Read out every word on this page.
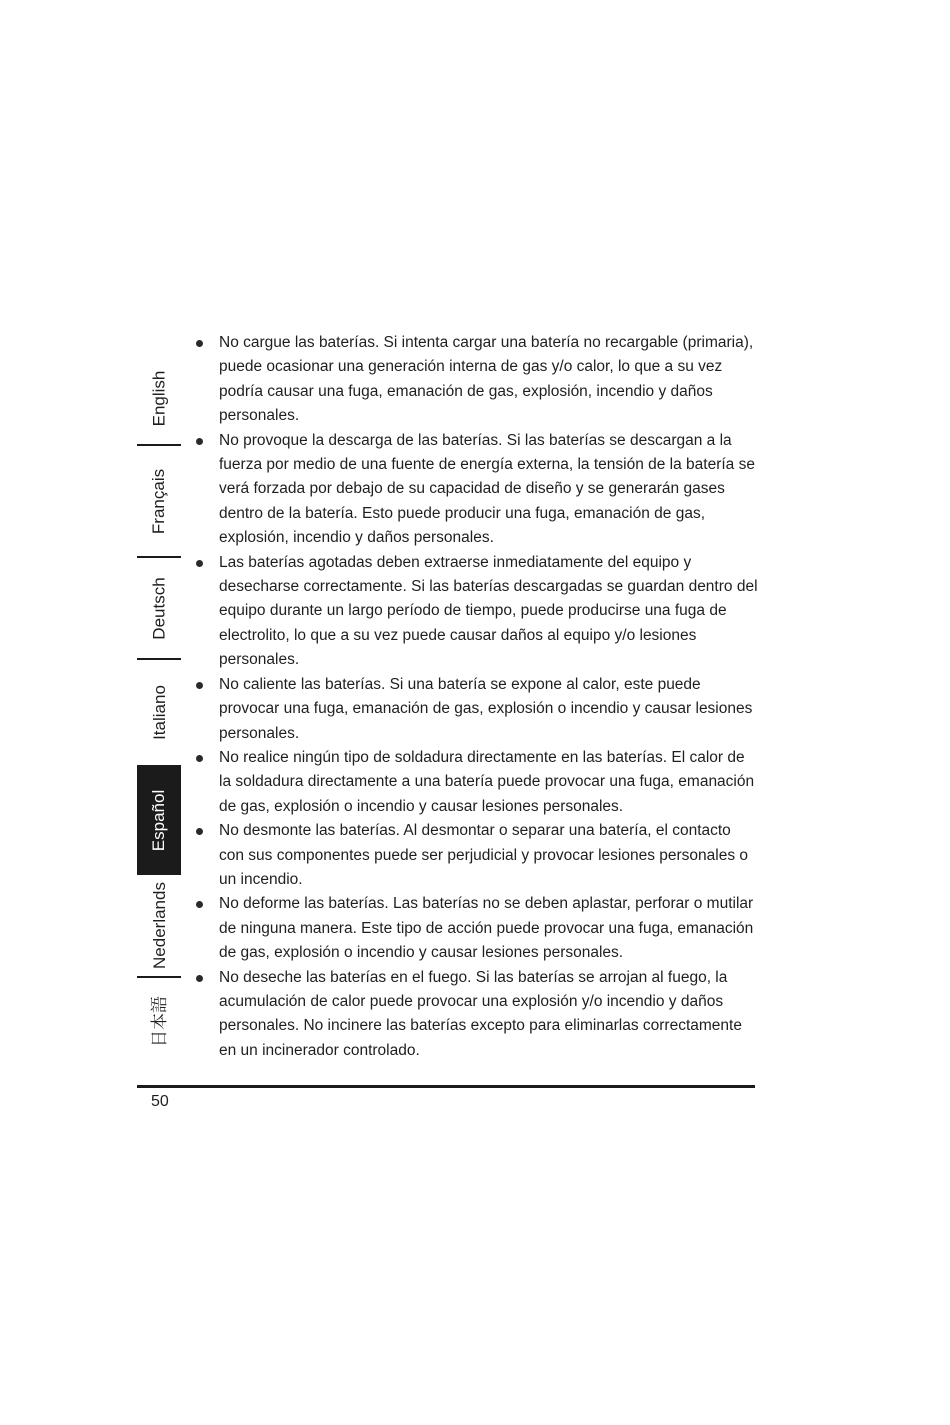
English
Français
Deutsch
Italiano
Español
Nederlands
日本語
No cargue las baterías. Si intenta cargar una batería no recargable (primaria), puede ocasionar una generación interna de gas y/o calor, lo que a su vez podría causar una fuga, emanación de gas, explosión, incendio y daños personales.
No provoque la descarga de las baterías. Si las baterías se descargan a la fuerza por medio de una fuente de energía externa, la tensión de la batería se verá forzada por debajo de su capacidad de diseño y se generarán gases dentro de la batería. Esto puede producir una fuga, emanación de gas, explosión, incendio y daños personales.
Las baterías agotadas deben extraerse inmediatamente del equipo y desecharse correctamente. Si las baterías descargadas se guardan dentro del equipo durante un largo período de tiempo, puede producirse una fuga de electrolito, lo que a su vez puede causar daños al equipo y/o lesiones personales.
No caliente las baterías. Si una batería se expone al calor, este puede provocar una fuga, emanación de gas, explosión o incendio y causar lesiones personales.
No realice ningún tipo de soldadura directamente en las baterías. El calor de la soldadura directamente a una batería puede provocar una fuga, emanación de gas, explosión o incendio y causar lesiones personales.
No desmonte las baterías. Al desmontar o separar una batería, el contacto con sus componentes puede ser perjudicial y provocar lesiones personales o un incendio.
No deforme las baterías. Las baterías no se deben aplastar, perforar o mutilar de ninguna manera. Este tipo de acción puede provocar una fuga, emanación de gas, explosión o incendio y causar lesiones personales.
No deseche las baterías en el fuego. Si las baterías se arrojan al fuego, la acumulación de calor puede provocar una explosión y/o incendio y daños personales. No incinere las baterías excepto para eliminarlas correctamente en un incinerador controlado.
50
